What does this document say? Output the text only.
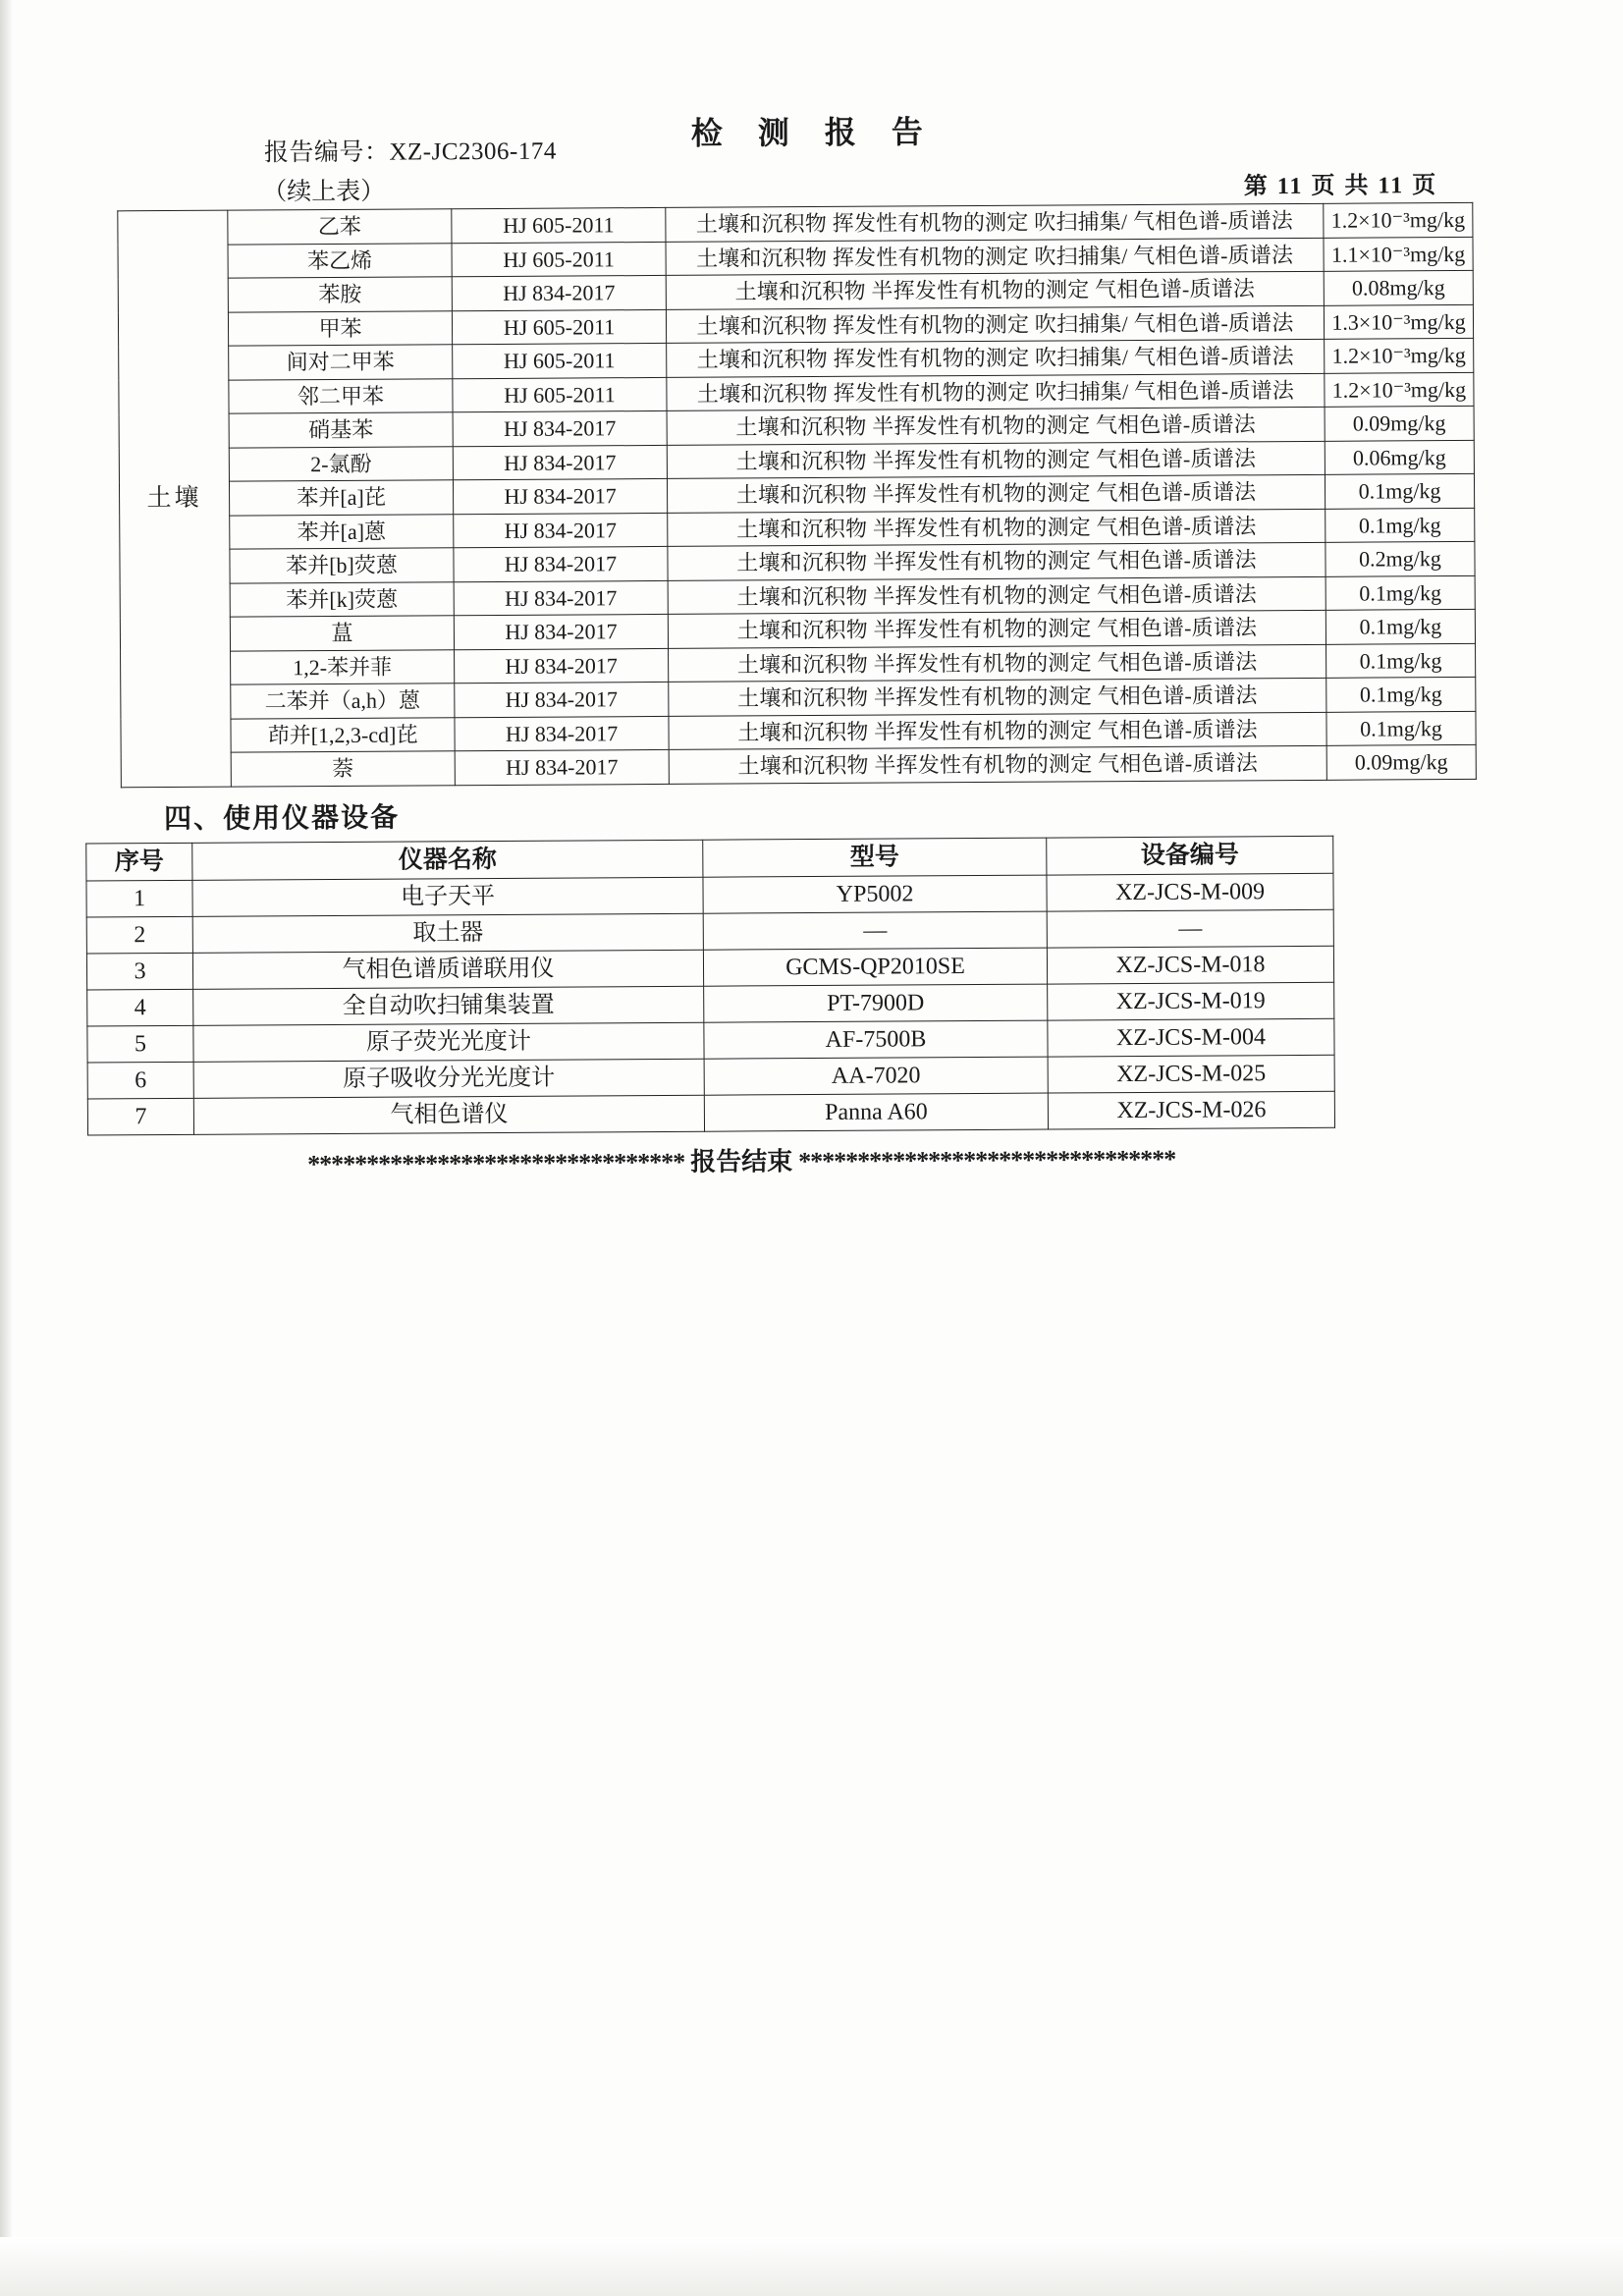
检 测 报 告
报告编号：XZ-JC2306-174
（续上表）	第 11 页 共 11 页
土壤	乙苯	HJ 605-2011	土壤和沉积物 挥发性有机物的测定 吹扫捕集/ 气相色谱-质谱法	1.2×10⁻³mg/kg
	苯乙烯	HJ 605-2011	土壤和沉积物 挥发性有机物的测定 吹扫捕集/ 气相色谱-质谱法	1.1×10⁻³mg/kg
	苯胺	HJ 834-2017	土壤和沉积物 半挥发性有机物的测定 气相色谱-质谱法	0.08mg/kg
	甲苯	HJ 605-2011	土壤和沉积物 挥发性有机物的测定 吹扫捕集/ 气相色谱-质谱法	1.3×10⁻³mg/kg
	间对二甲苯	HJ 605-2011	土壤和沉积物 挥发性有机物的测定 吹扫捕集/ 气相色谱-质谱法	1.2×10⁻³mg/kg
	邻二甲苯	HJ 605-2011	土壤和沉积物 挥发性有机物的测定 吹扫捕集/ 气相色谱-质谱法	1.2×10⁻³mg/kg
	硝基苯	HJ 834-2017	土壤和沉积物 半挥发性有机物的测定 气相色谱-质谱法	0.09mg/kg
	2-氯酚	HJ 834-2017	土壤和沉积物 半挥发性有机物的测定 气相色谱-质谱法	0.06mg/kg
	苯并[a]芘	HJ 834-2017	土壤和沉积物 半挥发性有机物的测定 气相色谱-质谱法	0.1mg/kg
	苯并[a]蒽	HJ 834-2017	土壤和沉积物 半挥发性有机物的测定 气相色谱-质谱法	0.1mg/kg
	苯并[b]荧蒽	HJ 834-2017	土壤和沉积物 半挥发性有机物的测定 气相色谱-质谱法	0.2mg/kg
	苯并[k]荧蒽	HJ 834-2017	土壤和沉积物 半挥发性有机物的测定 气相色谱-质谱法	0.1mg/kg
	蒀	HJ 834-2017	土壤和沉积物 半挥发性有机物的测定 气相色谱-质谱法	0.1mg/kg
	1,2-苯并菲	HJ 834-2017	土壤和沉积物 半挥发性有机物的测定 气相色谱-质谱法	0.1mg/kg
	二苯并（a,h）蒽	HJ 834-2017	土壤和沉积物 半挥发性有机物的测定 气相色谱-质谱法	0.1mg/kg
	茚并[1,2,3-cd]芘	HJ 834-2017	土壤和沉积物 半挥发性有机物的测定 气相色谱-质谱法	0.1mg/kg
	萘	HJ 834-2017	土壤和沉积物 半挥发性有机物的测定 气相色谱-质谱法	0.09mg/kg
四、使用仪器设备
序号	仪器名称	型号	设备编号
1	电子天平	YP5002	XZ-JCS-M-009
2	取土器	—	—
3	气相色谱质谱联用仪	GCMS-QP2010SE	XZ-JCS-M-018
4	全自动吹扫铺集装置	PT-7900D	XZ-JCS-M-019
5	原子荧光光度计	AF-7500B	XZ-JCS-M-004
6	原子吸收分光光度计	AA-7020	XZ-JCS-M-025
7	气相色谱仪	Panna A60	XZ-JCS-M-026
******************************** 报告结束 ********************************
